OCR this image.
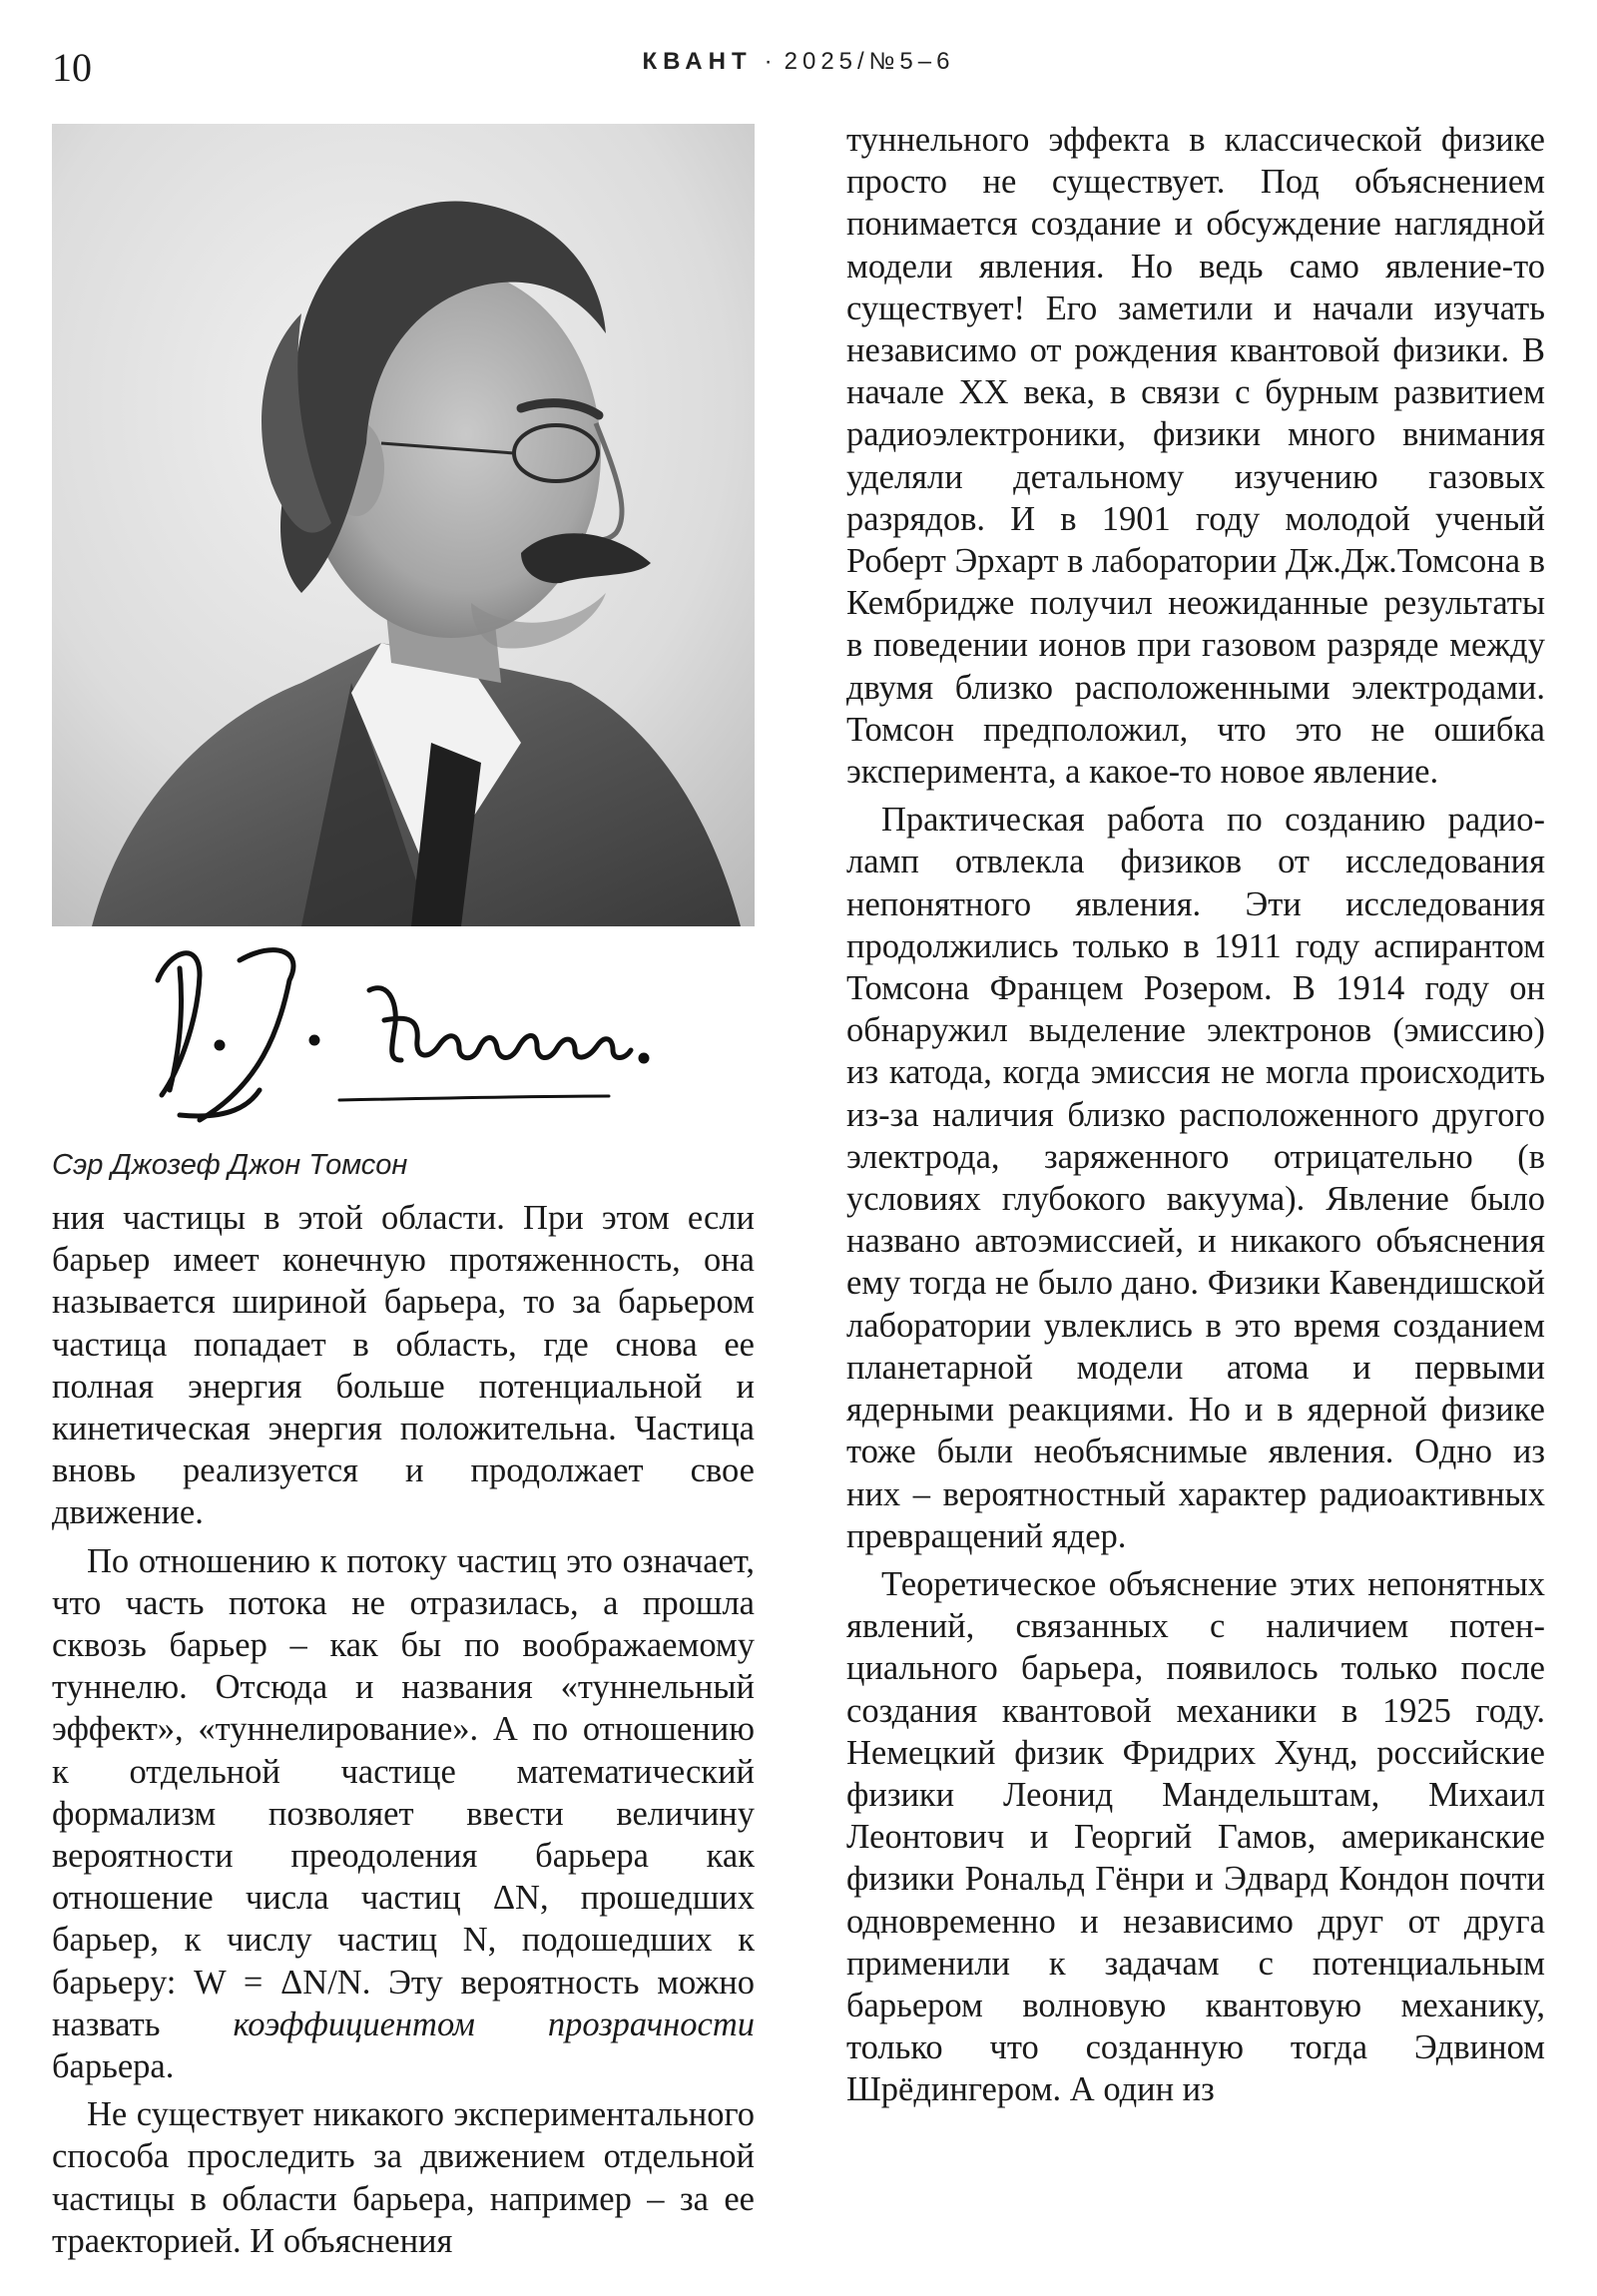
10	КВАНТ · 2025/№5–6
Сэр Джозеф Джон Томсон

ния частицы в этой области. При этом если барьер имеет конечную протяженность, она называется шириной барьера, то за барьером частица попадает в область, где снова ее полная энергия больше потенциальной и кинетическая энергия положительна. Частица вновь реализуется и продолжает свое движение.

По отношению к потоку частиц это означает, что часть потока не отразилась, а прошла сквозь барьер – как бы по воображаемому туннелю. Отсюда и названия «туннельный эффект», «туннелирование». А по отношению к отдельной частице математический формализм позволяет ввести величину вероятности преодоления барьера как отношение числа частиц ΔN, прошедших барьер, к числу частиц N, подошедших к барьеру: W = ΔN/N. Эту вероятность можно назвать коэффициентом прозрачности барьера.

Не существует никакого экспериментального способа проследить за движением отдельной частицы в области барьера, например – за ее траекторией. И объяснения

туннельного эффекта в классической физике просто не существует. Под объяснением понимается создание и обсуждение наглядной модели явления. Но ведь само явление-то существует! Его заметили и начали изучать независимо от рождения квантовой физики. В начале XX века, в связи с бурным развитием радиоэлектроники, физики много внимания уделяли детальному изучению газовых разрядов. И в 1901 году молодой ученый Роберт Эрхарт в лаборатории Дж.Дж.Томсона в Кембридже получил неожиданные результаты в поведении ионов при газовом разряде между двумя близко расположенными электродами. Томсон предположил, что это не ошибка эксперимента, а какое-то новое явление.

Практическая работа по созданию радиоламп отвлекла физиков от исследования непонятного явления. Эти исследования продолжились только в 1911 году аспирантом Томсона Францем Розером. В 1914 году он обнаружил выделение электронов (эмиссию) из катода, когда эмиссия не могла происходить из-за наличия близко расположенного другого электрода, заряженного отрицательно (в условиях глубокого вакуума). Явление было названо автоэмиссией, и никакого объяснения ему тогда не было дано. Физики Кавендишской лаборатории увлеклись в это время созданием планетарной модели атома и первыми ядерными реакциями. Но и в ядерной физике тоже были необъяснимые явления. Одно из них – вероятностный характер радиоактивных превращений ядер.

Теоретическое объяснение этих непонятных явлений, связанных с наличием потенциального барьера, появилось только после создания квантовой механики в 1925 году. Немецкий физик Фридрих Хунд, российские физики Леонид Мандельштам, Михаил Леонтович и Георгий Гамов, американские физики Рональд Гёнри и Эдвард Кондон почти одновременно и независимо друг от друга применили к задачам с потенциальным барьером волновую квантовую механику, только что созданную тогда Эдвином Шрёдингером. А один из
